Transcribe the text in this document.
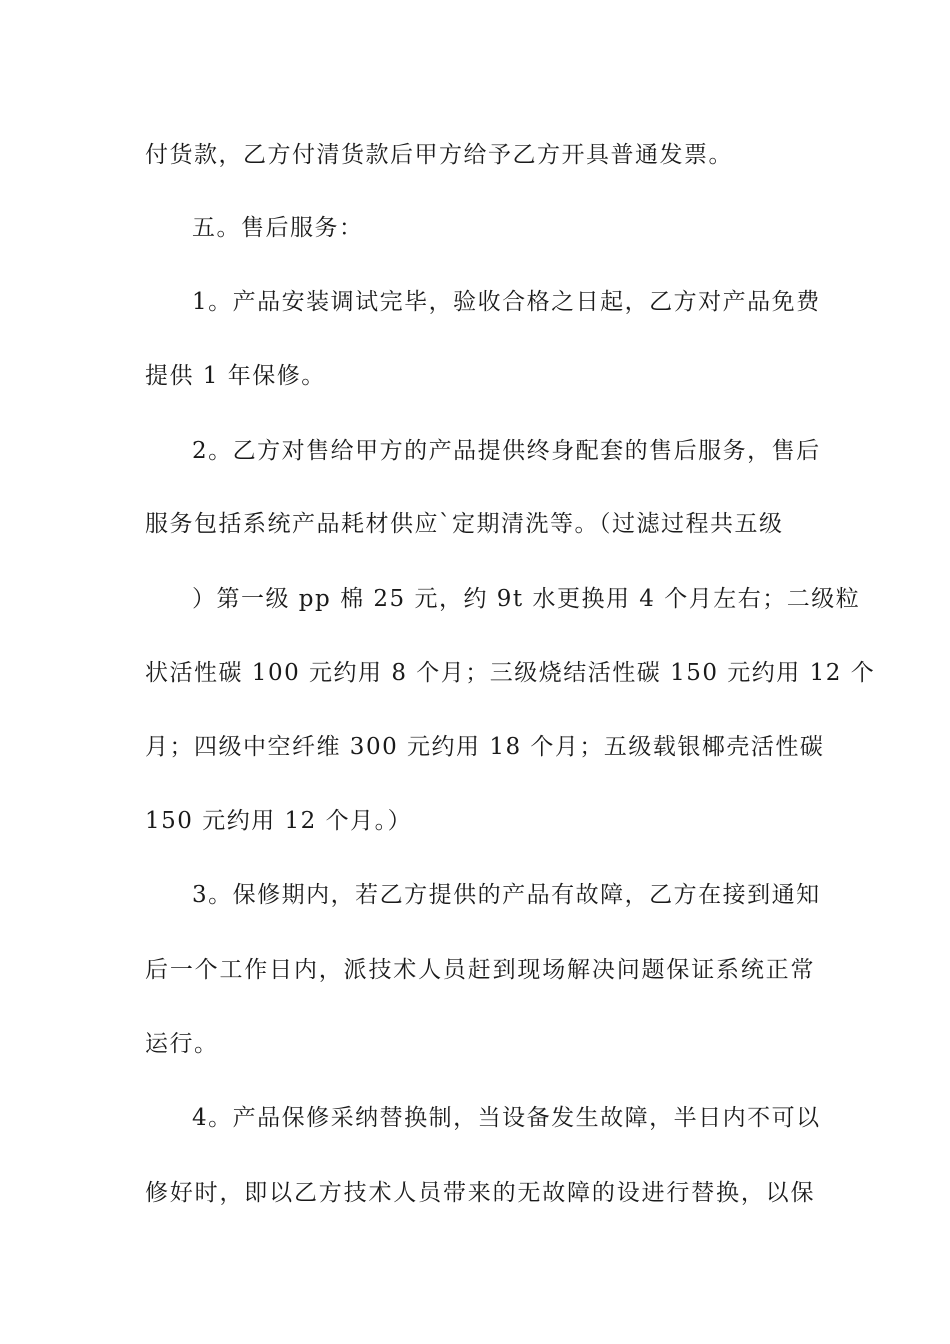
付货款，乙方付清货款后甲方给予乙方开具普通发票。
五。售后服务：
1。产品安装调试完毕，验收合格之日起，乙方对产品免费
提供 1 年保修。
2。乙方对售给甲方的产品提供终身配套的售后服务，售后
服务包括系统产品耗材供应`定期清洗等。（过滤过程共五级
）第一级 pp 棉 25 元，约 9t 水更换用 4 个月左右；二级粒
状活性碳 100 元约用 8 个月；三级烧结活性碳 150 元约用 12 个
月；四级中空纤维 300 元约用 18 个月；五级载银椰壳活性碳
150 元约用 12 个月。）
3。保修期内，若乙方提供的产品有故障，乙方在接到通知
后一个工作日内，派技术人员赶到现场解决问题保证系统正常
运行。
4。产品保修采纳替换制，当设备发生故障，半日内不可以
修好时，即以乙方技术人员带来的无故障的设进行替换，以保
